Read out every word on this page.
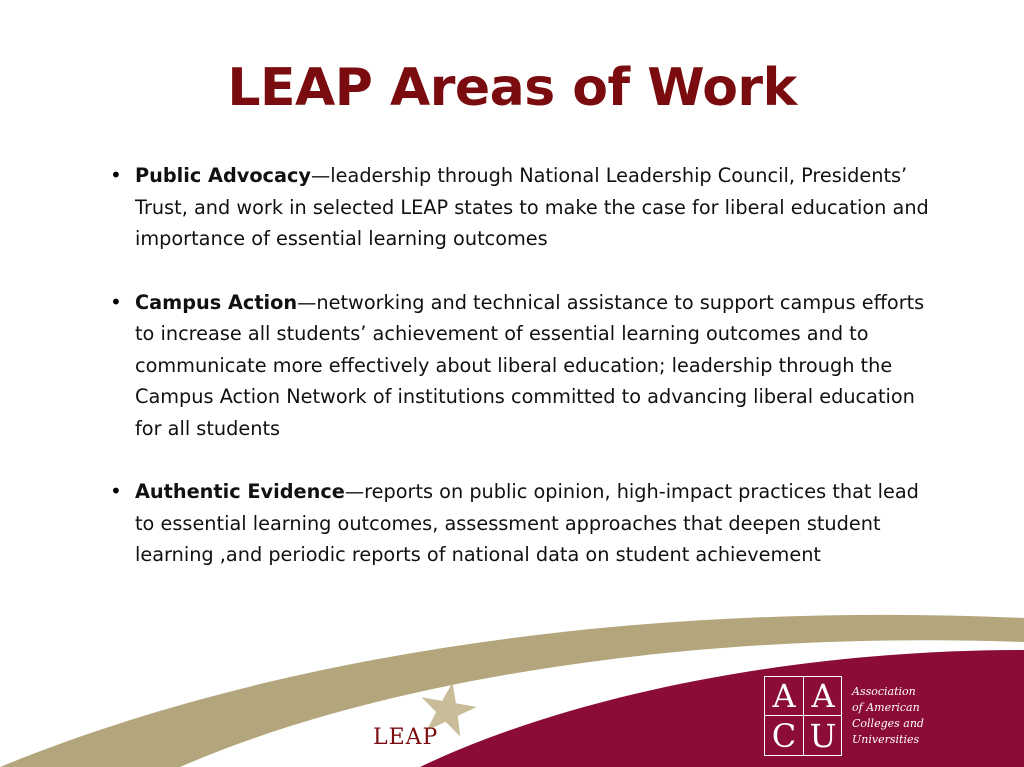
LEAP Areas of Work
• Public Advocacy—leadership through National Leadership Council, Presidents’ Trust, and work in selected LEAP states to make the case for liberal education and importance of essential learning outcomes
• Campus Action—networking and technical assistance to support campus efforts to increase all students’ achievement of essential learning outcomes and to communicate more effectively about liberal education; leadership through the Campus Action Network of institutions committed to advancing liberal education for all students
• Authentic Evidence—reports on public opinion, high-impact practices that lead to essential learning outcomes, assessment approaches that deepen student learning ,and periodic reports of national data on student achievement
LEAP
A A
C U
Association
of American
Colleges and
Universities
